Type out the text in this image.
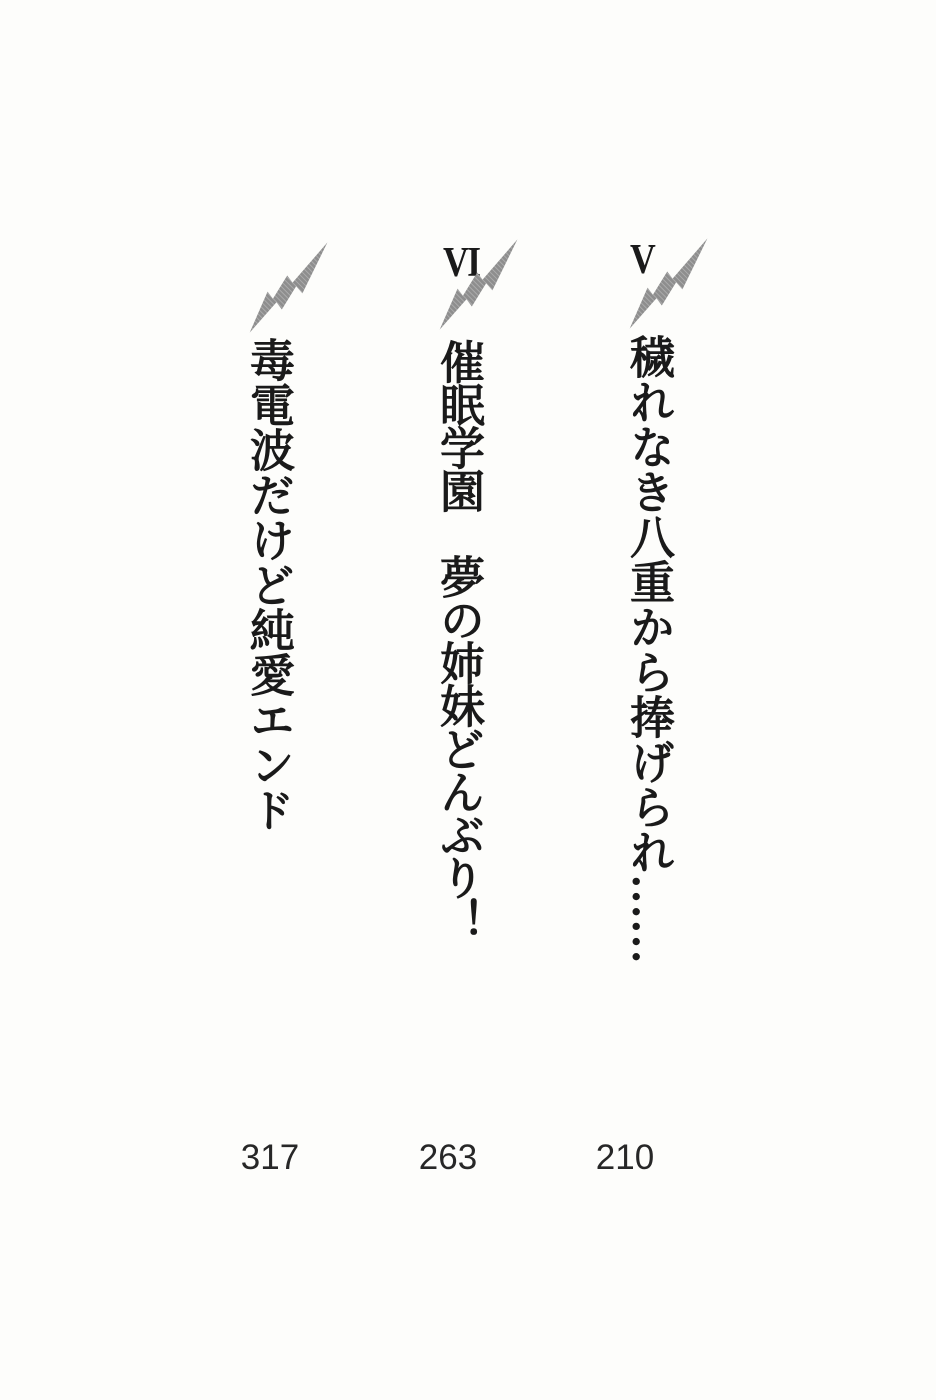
V
穢れなき八重から捧げられ……
210
VI
催眠学園　夢の姉妹どんぶり！
263
毒電波だけど純愛エンド
317
